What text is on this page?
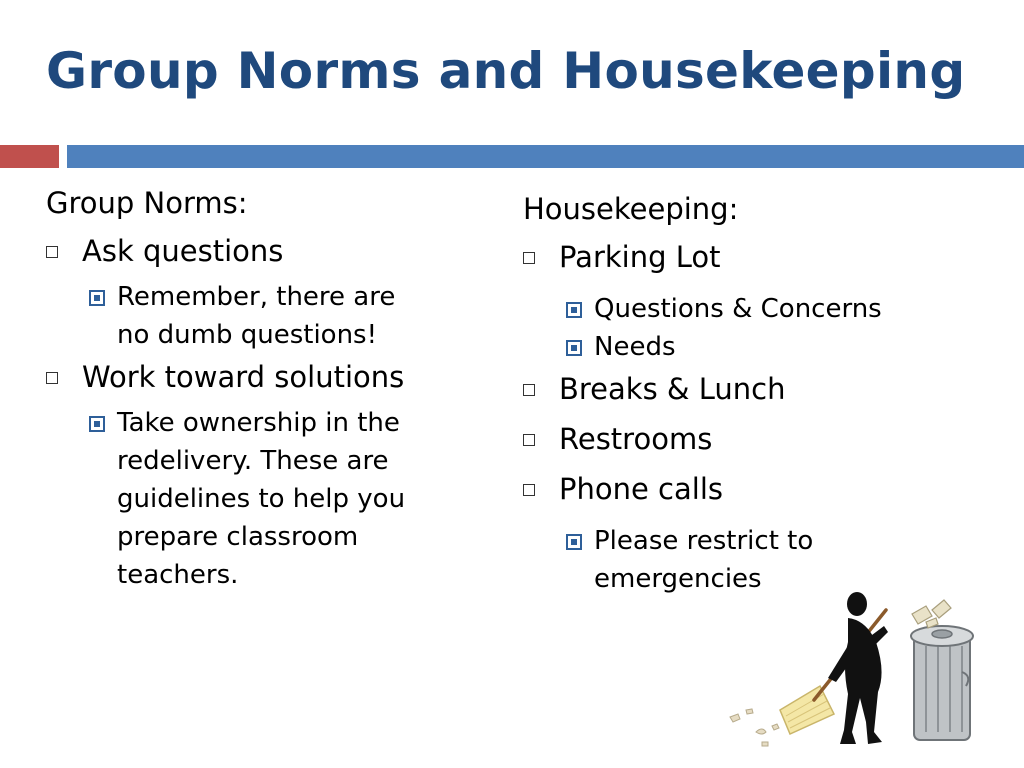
Group Norms and Housekeeping
Group Norms:
Ask questions
Remember, there are
no dumb questions!
Work toward solutions
Take ownership in the
redelivery. These are
guidelines to help you
prepare classroom
teachers.
Housekeeping:
Parking Lot
Questions & Concerns
Needs
Breaks & Lunch
Restrooms
Phone calls
Please restrict to
emergencies
